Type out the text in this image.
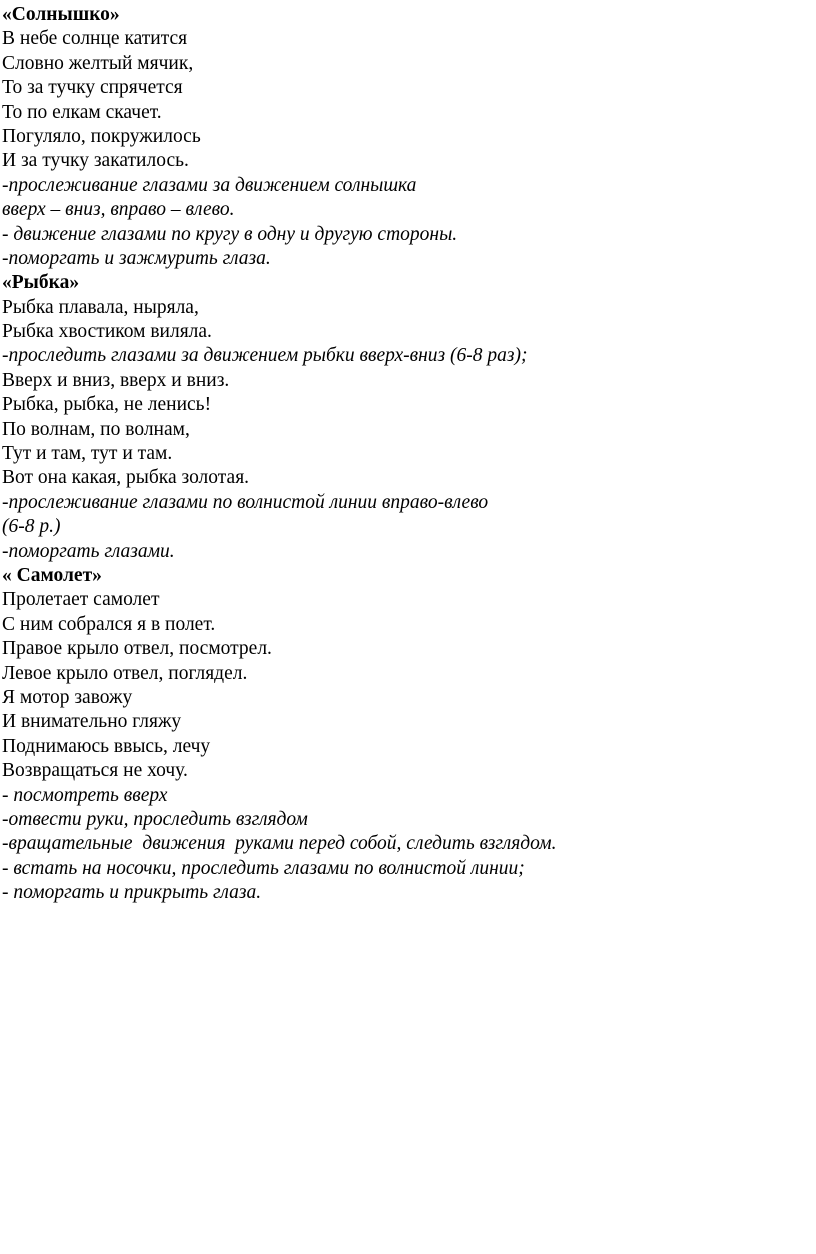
«Солнышко»
В небе солнце катится
Словно желтый мячик,
То за тучку спрячется
То по елкам скачет.
Погуляло, покружилось
И за тучку закатилось.
-прослеживание глазами за движением солнышка
вверх – вниз, вправо – влево.
- движение глазами по кругу в одну и другую стороны.
-поморгать и зажмурить глаза.
«Рыбка»
Рыбка плавала, ныряла,
Рыбка хвостиком виляла.
-проследить глазами за движением рыбки вверх-вниз (6-8 раз);
Вверх и вниз, вверх и вниз.
Рыбка, рыбка, не ленись!
По волнам, по волнам,
Тут и там, тут и там.
Вот она какая, рыбка золотая.
-прослеживание глазами по волнистой линии вправо-влево
(6-8 р.)
-поморгать глазами.
« Самолет»
Пролетает самолет
С ним собрался я в полет.
Правое крыло отвел, посмотрел.
Левое крыло отвел, поглядел.
Я мотор завожу
И внимательно гляжу
Поднимаюсь ввысь, лечу
Возвращаться не хочу.
- посмотреть вверх
-отвести руки, проследить взглядом
-вращательные  движения  руками перед собой, следить взглядом.
- встать на носочки, проследить глазами по волнистой линии;
- поморгать и прикрыть глаза.
